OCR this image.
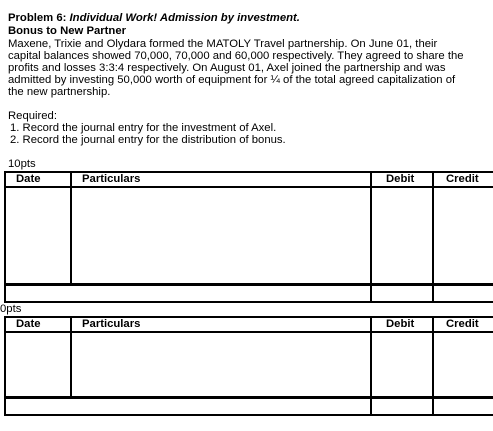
Problem 6: Individual Work! Admission by investment.
Bonus to New Partner
Maxene, Trixie and Olydara formed the MATOLY Travel partnership. On June 01, their
capital balances showed 70,000, 70,000 and 60,000 respectively. They agreed to share the
profits and losses 3:3:4 respectively. On August 01, Axel joined the partnership and was
admitted by investing 50,000 worth of equipment for ¼ of the total agreed capitalization of
the new partnership.
Required:
1. Record the journal entry for the investment of Axel.
2. Record the journal entry for the distribution of bonus.
10pts
Date	Particulars	Debit	Credit
0pts
Date	Particulars	Debit	Credit
